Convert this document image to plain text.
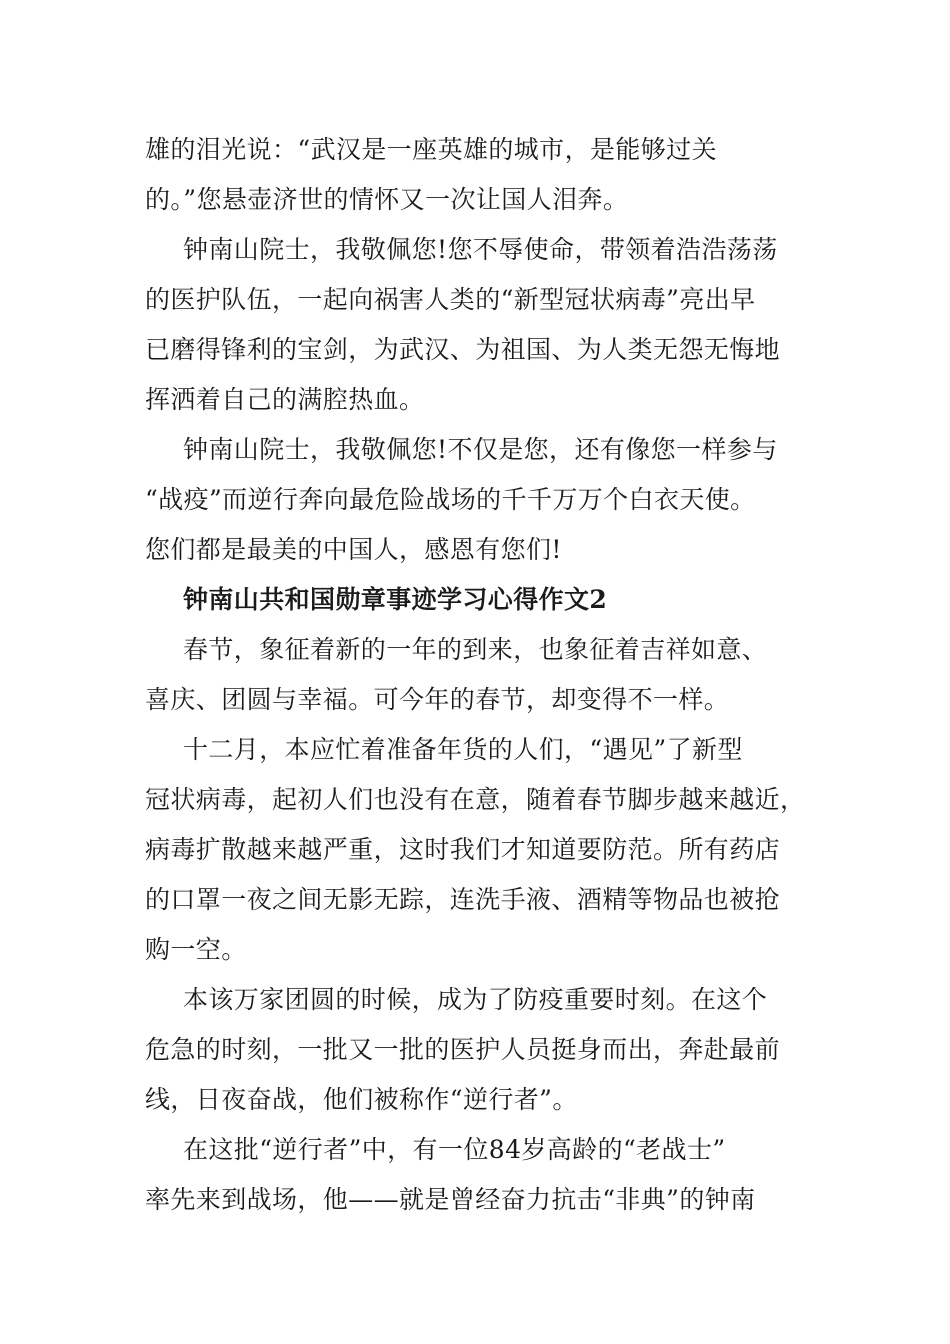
雄的泪光说：“武汉是一座英雄的城市，是能够过关
的。”您悬壶济世的情怀又一次让国人泪奔。
钟南山院士，我敬佩您!您不辱使命，带领着浩浩荡荡
的医护队伍，一起向祸害人类的“新型冠状病毒”亮出早
已磨得锋利的宝剑，为武汉、为祖国、为人类无怨无悔地
挥洒着自己的满腔热血。
钟南山院士，我敬佩您!不仅是您，还有像您一样参与
“战疫”而逆行奔向最危险战场的千千万万个白衣天使。
您们都是最美的中国人，感恩有您们!
钟南山共和国勋章事迹学习心得作文2
春节，象征着新的一年的到来，也象征着吉祥如意、
喜庆、团圆与幸福。可今年的春节，却变得不一样。
十二月，本应忙着准备年货的人们，“遇见”了新型
冠状病毒，起初人们也没有在意，随着春节脚步越来越近，
病毒扩散越来越严重，这时我们才知道要防范。所有药店
的口罩一夜之间无影无踪，连洗手液、酒精等物品也被抢
购一空。
本该万家团圆的时候，成为了防疫重要时刻。在这个
危急的时刻，一批又一批的医护人员挺身而出，奔赴最前
线，日夜奋战，他们被称作“逆行者”。
在这批“逆行者”中，有一位84岁高龄的“老战士”
率先来到战场，他——就是曾经奋力抗击“非典”的钟南
